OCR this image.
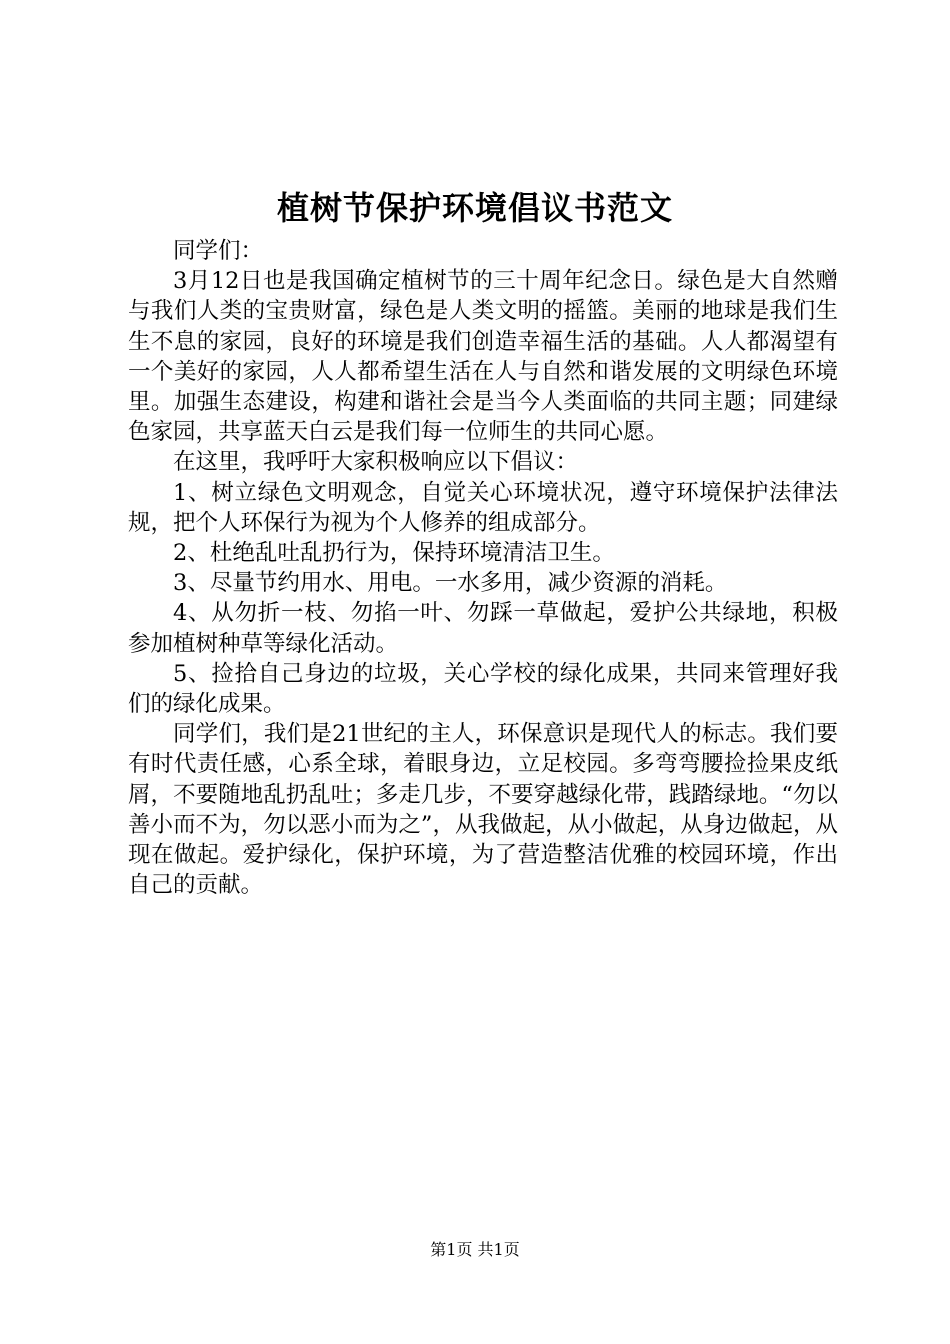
植树节保护环境倡议书范文

同学们：

3月12日也是我国确定植树节的三十周年纪念日。绿色是大自然赠与我们人类的宝贵财富，绿色是人类文明的摇篮。美丽的地球是我们生生不息的家园，良好的环境是我们创造幸福生活的基础。人人都渴望有一个美好的家园，人人都希望生活在人与自然和谐发展的文明绿色环境里。加强生态建设，构建和谐社会是当今人类面临的共同主题；同建绿色家园，共享蓝天白云是我们每一位师生的共同心愿。

在这里，我呼吁大家积极响应以下倡议：

1、树立绿色文明观念，自觉关心环境状况，遵守环境保护法律法规，把个人环保行为视为个人修养的组成部分。

2、杜绝乱吐乱扔行为，保持环境清洁卫生。

3、尽量节约用水、用电。一水多用，减少资源的消耗。

4、从勿折一枝、勿掐一叶、勿踩一草做起，爱护公共绿地，积极参加植树种草等绿化活动。

5、捡拾自己身边的垃圾，关心学校的绿化成果，共同来管理好我们的绿化成果。

同学们，我们是21世纪的主人，环保意识是现代人的标志。我们要有时代责任感，心系全球，着眼身边，立足校园。多弯弯腰捡捡果皮纸屑，不要随地乱扔乱吐；多走几步，不要穿越绿化带，践踏绿地。“勿以善小而不为，勿以恶小而为之”，从我做起，从小做起，从身边做起，从现在做起。爱护绿化，保护环境，为了营造整洁优雅的校园环境，作出自己的贡献。

第1页 共1页
